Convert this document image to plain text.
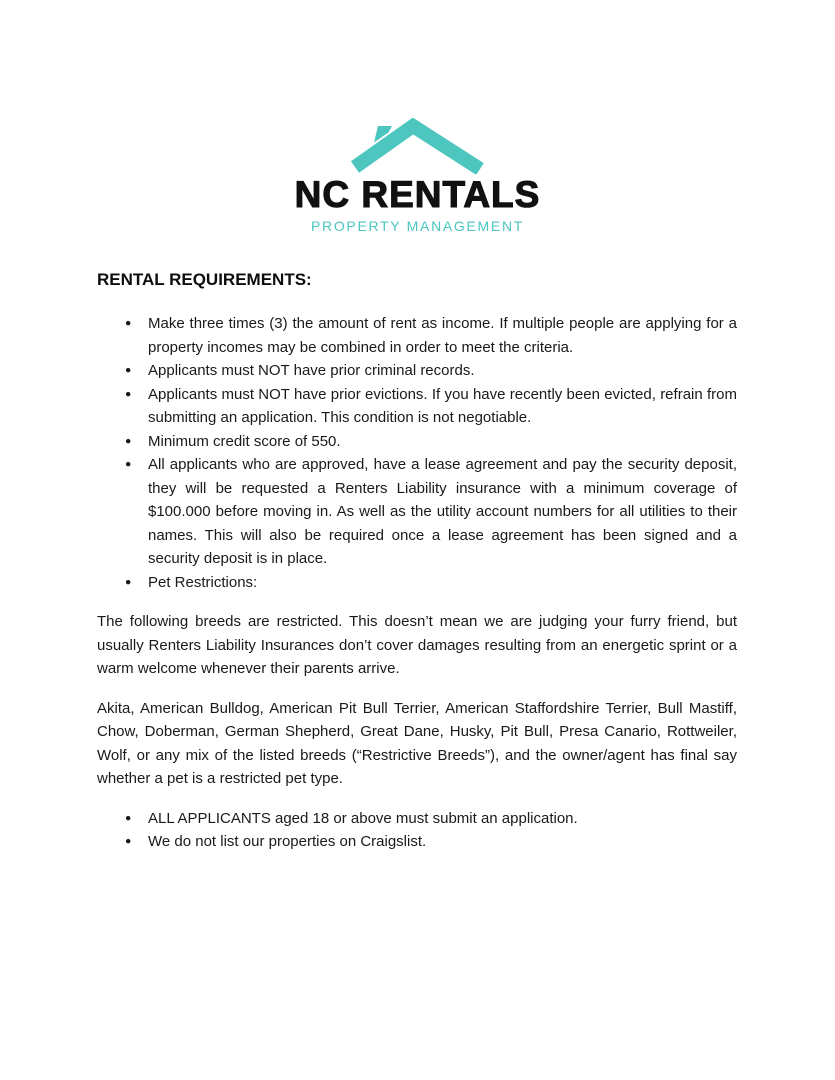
NC RENTALS
PROPERTY MANAGEMENT
RENTAL REQUIREMENTS:
● Make three times (3) the amount of rent as income. If multiple people are applying for a property incomes may be combined in order to meet the criteria.
● Applicants must NOT have prior criminal records.
● Applicants must NOT have prior evictions. If you have recently been evicted, refrain from submitting an application. This condition is not negotiable.
● Minimum credit score of 550.
● All applicants who are approved, have a lease agreement and pay the security deposit, they will be requested a Renters Liability insurance with a minimum coverage of $100.000 before moving in. As well as the utility account numbers for all utilities to their names. This will also be required once a lease agreement has been signed and a security deposit is in place.
● Pet Restrictions:

The following breeds are restricted. This doesn’t mean we are judging your furry friend, but usually Renters Liability Insurances don’t cover damages resulting from an energetic sprint or a warm welcome whenever their parents arrive.

Akita, American Bulldog, American Pit Bull Terrier, American Staffordshire Terrier, Bull Mastiff, Chow, Doberman, German Shepherd, Great Dane, Husky, Pit Bull, Presa Canario, Rottweiler, Wolf, or any mix of the listed breeds (“Restrictive Breeds”), and the owner/agent has final say whether a pet is a restricted pet type.

● ALL APPLICANTS aged 18 or above must submit an application.
● We do not list our properties on Craigslist.
